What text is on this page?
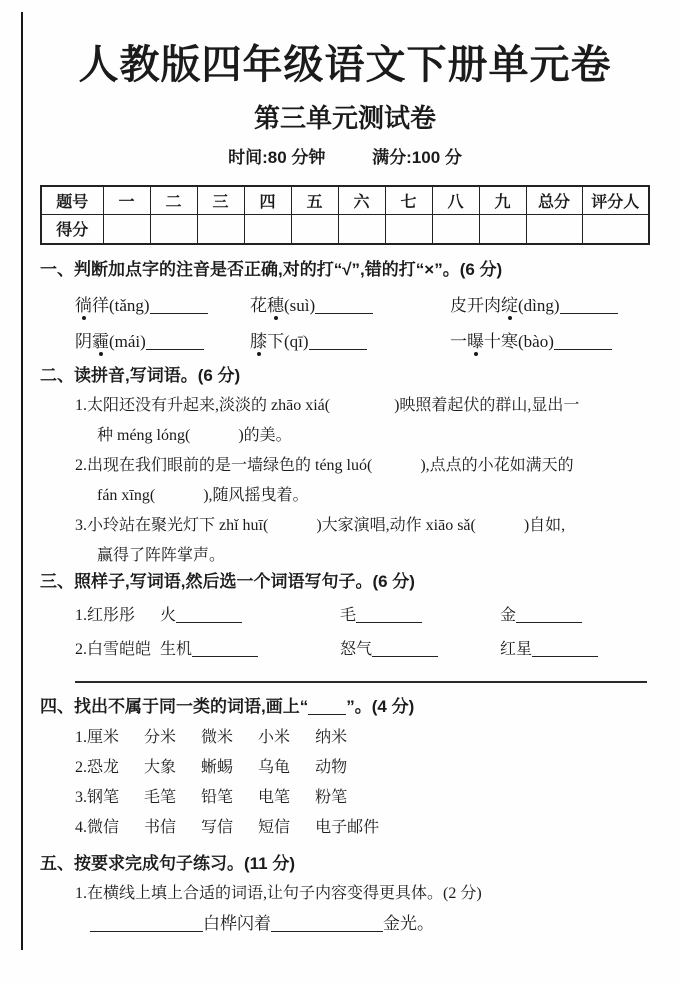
人教版四年级语文下册单元卷
第三单元测试卷
时间:80 分钟	满分:100 分
题号	一	二	三	四	五	六	七	八	九	总分	评分人
得分											
一、判断加点字的注音是否正确,对的打“√”,错的打“×”。(6 分)
徜徉(tǎng)	花穗(suì)	皮开肉绽(dìng)
阴霾(mái)	膝下(qī)	一曝十寒(bào)
二、读拼音,写词语。(6 分)
1.太阳还没有升起来,淡淡的 zhāo xiá(　　　　)映照着起伏的群山,显出一
种 méng lóng(　　　)的美。
2.出现在我们眼前的是一墙绿色的 téng luó(　　　),点点的小花如满天的
fán xīng(　　　),随风摇曳着。
3.小玲站在聚光灯下 zhǐ huī(　　　)大家演唱,动作 xiāo sǎ(　　　)自如,
赢得了阵阵掌声。
三、照样子,写词语,然后选一个词语写句子。(6 分)
1.红彤彤	火	毛	金
2.白雪皑皑 生机	怒气	红星
四、找出不属于同一类的词语,画上“ ”。(4 分)
1.厘米 分米 微米 小米 纳米
2.恐龙 大象 蜥蜴 乌龟 动物
3.钢笔 毛笔 铅笔 电笔 粉笔
4.微信 书信 写信 短信 电子邮件
五、按要求完成句子练习。(11 分)
1.在横线上填上合适的词语,让句子内容变得更具体。(2 分)
白桦闪着	金光。
